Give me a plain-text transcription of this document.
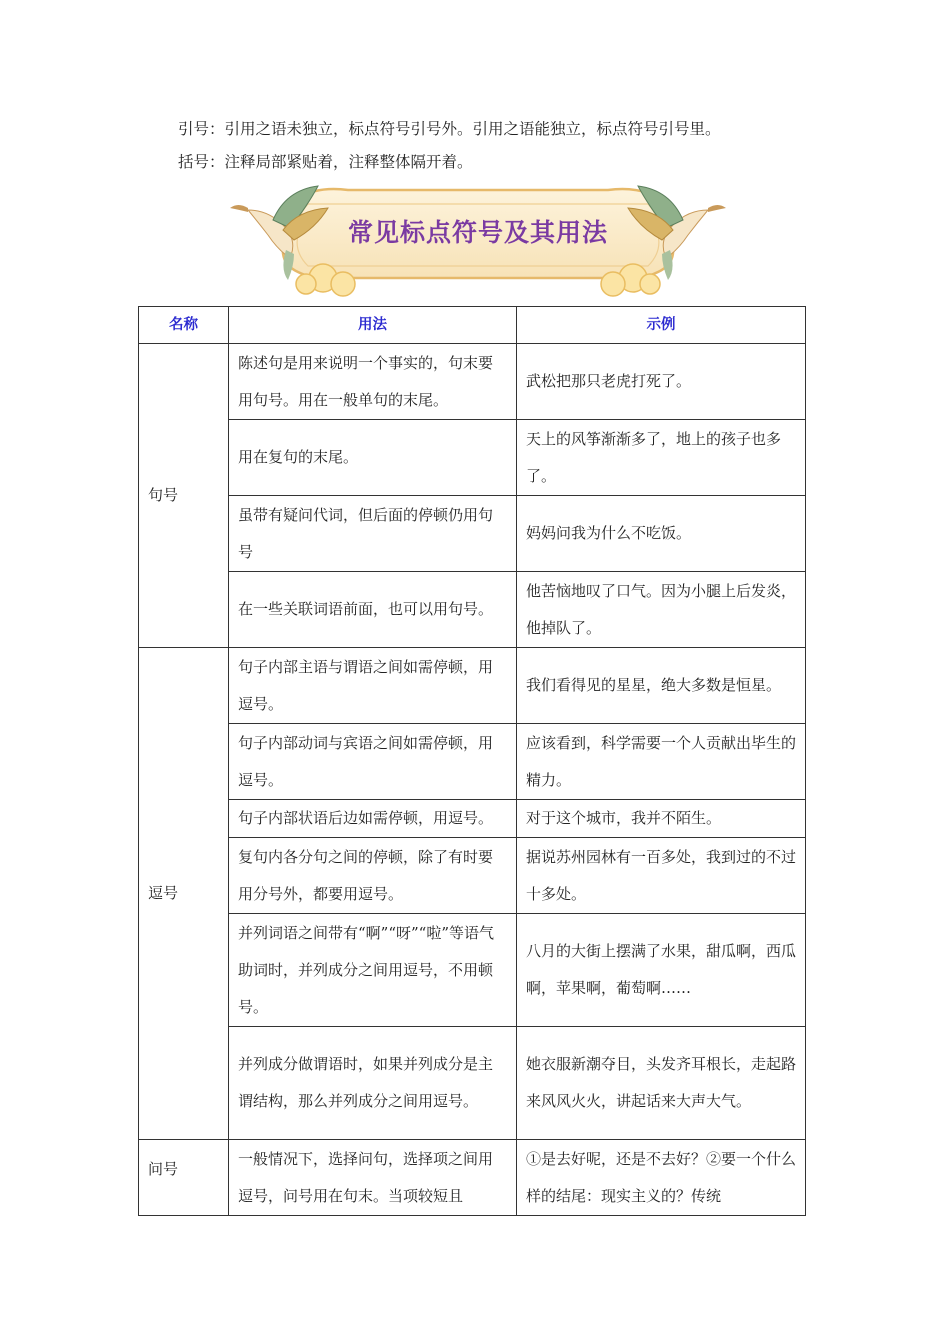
引号：引用之语未独立，标点符号引号外。引用之语能独立，标点符号引号里。
括号：注释局部紧贴着，注释整体隔开着。
常见标点符号及其用法
名称	用法	示例
句号	陈述句是用来说明一个事实的，句末要用句号。用在一般单句的末尾。	武松把那只老虎打死了。
	用在复句的末尾。	天上的风筝渐渐多了，地上的孩子也多了。
	虽带有疑问代词，但后面的停顿仍用句号	妈妈问我为什么不吃饭。
	在一些关联词语前面，也可以用句号。	他苦恼地叹了口气。因为小腿上后发炎，他掉队了。
逗号	句子内部主语与谓语之间如需停顿，用逗号。	我们看得见的星星，绝大多数是恒星。
	句子内部动词与宾语之间如需停顿，用逗号。	应该看到，科学需要一个人贡献出毕生的精力。
	句子内部状语后边如需停顿，用逗号。	对于这个城市，我并不陌生。
	复句内各分句之间的停顿，除了有时要用分号外，都要用逗号。	据说苏州园林有一百多处，我到过的不过十多处。
	并列词语之间带有“啊”“呀”“啦”等语气助词时，并列成分之间用逗号，不用顿号。	八月的大街上摆满了水果，甜瓜啊，西瓜啊，苹果啊，葡萄啊……
	并列成分做谓语时，如果并列成分是主谓结构，那么并列成分之间用逗号。	她衣服新潮夺目，头发齐耳根长，走起路来风风火火，讲起话来大声大气。
问号	一般情况下，选择问句，选择项之间用逗号，问号用在句末。当项较短且	①是去好呢，还是不去好？②要一个什么样的结尾：现实主义的？传统
